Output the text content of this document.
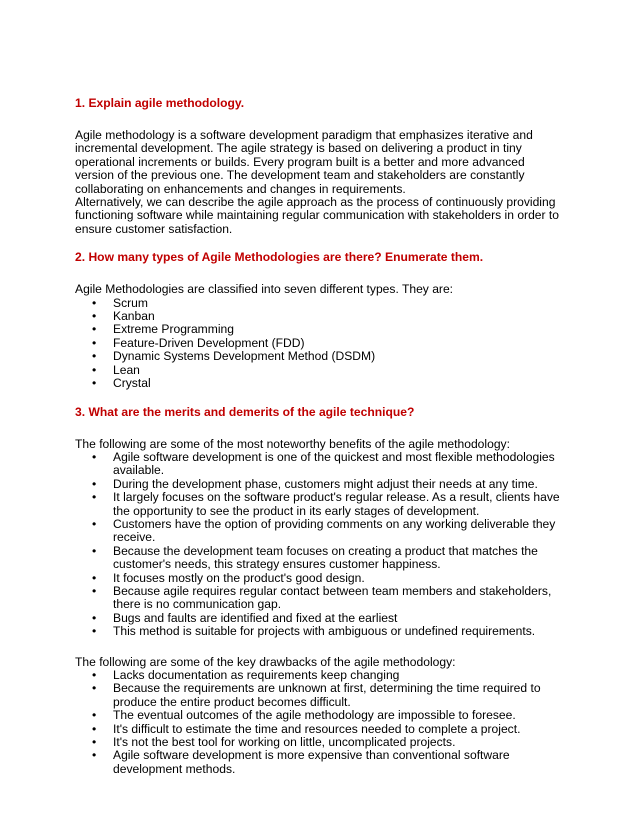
1. Explain agile methodology.

Agile methodology is a software development paradigm that emphasizes iterative and incremental development. The agile strategy is based on delivering a product in tiny operational increments or builds. Every program built is a better and more advanced version of the previous one. The development team and stakeholders are constantly collaborating on enhancements and changes in requirements.

Alternatively, we can describe the agile approach as the process of continuously providing functioning software while maintaining regular communication with stakeholders in order to ensure customer satisfaction.

2. How many types of Agile Methodologies are there? Enumerate them.

Agile Methodologies are classified into seven different types. They are:

• Scrum
• Kanban
• Extreme Programming
• Feature-Driven Development (FDD)
• Dynamic Systems Development Method (DSDM)
• Lean
• Crystal
3. What are the merits and demerits of the agile technique?

The following are some of the most noteworthy benefits of the agile methodology:

• Agile software development is one of the quickest and most flexible methodologies available.
• During the development phase, customers might adjust their needs at any time.
• It largely focuses on the software product's regular release. As a result, clients have the opportunity to see the product in its early stages of development.
• Customers have the option of providing comments on any working deliverable they receive.
• Because the development team focuses on creating a product that matches the customer's needs, this strategy ensures customer happiness.
• It focuses mostly on the product's good design.
• Because agile requires regular contact between team members and stakeholders, there is no communication gap.
• Bugs and faults are identified and fixed at the earliest
• This method is suitable for projects with ambiguous or undefined requirements.

The following are some of the key drawbacks of the agile methodology:

• Lacks documentation as requirements keep changing
• Because the requirements are unknown at first, determining the time required to produce the entire product becomes difficult.
• The eventual outcomes of the agile methodology are impossible to foresee.
• It's difficult to estimate the time and resources needed to complete a project.
• It's not the best tool for working on little, uncomplicated projects.
• Agile software development is more expensive than conventional software development methods.
